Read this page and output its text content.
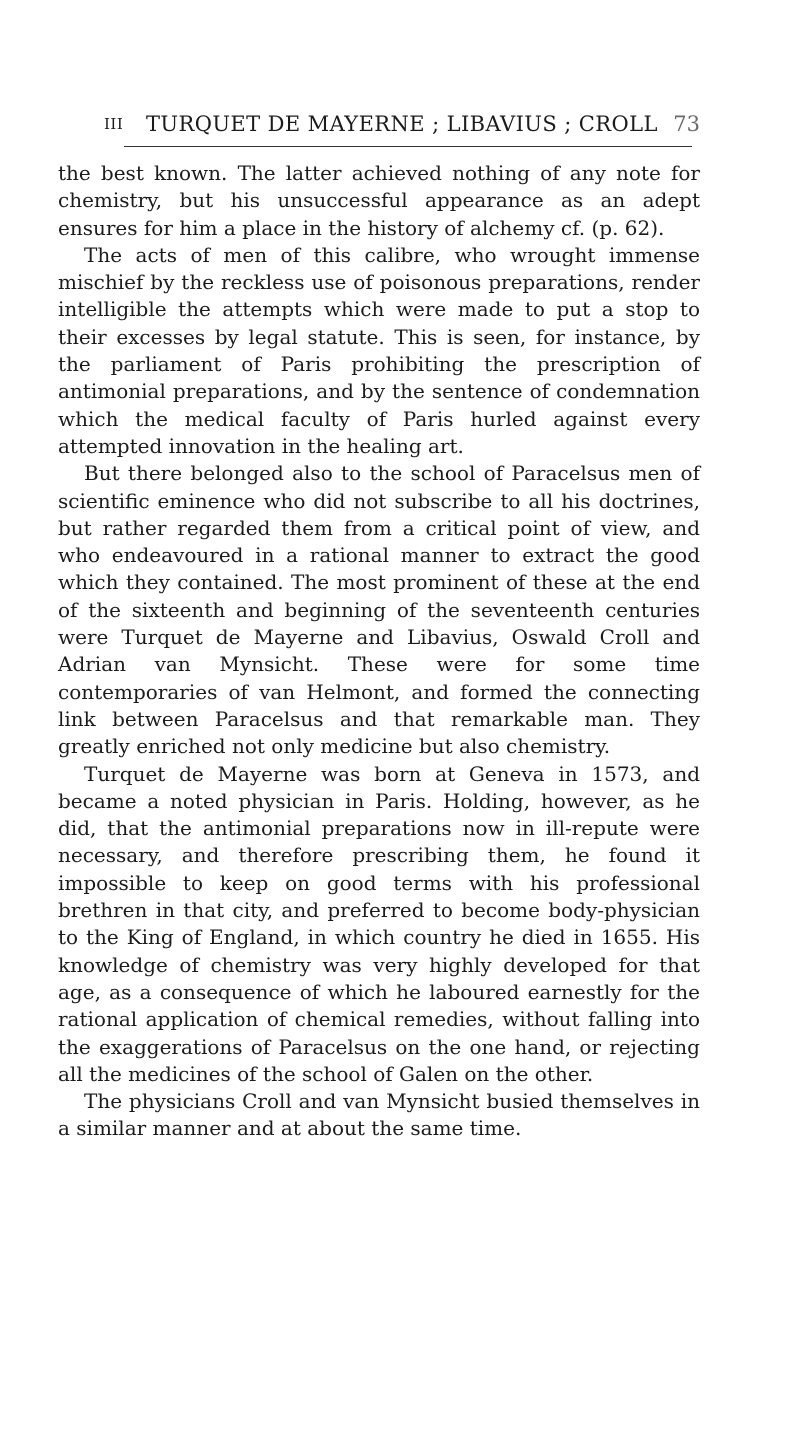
III TURQUET DE MAYERNE ; LIBAVIUS ; CROLL 73

the best known. The latter achieved nothing of any note for chemistry, but his unsuccessful appearance as an adept ensures for him a place in the history of alchemy cf. (p. 62).

The acts of men of this calibre, who wrought immense mischief by the reckless use of poisonous preparations, render intelligible the attempts which were made to put a stop to their excesses by legal statute. This is seen, for instance, by the parliament of Paris prohibiting the prescription of antimonial preparations, and by the sentence of condemnation which the medical faculty of Paris hurled against every attempted innovation in the healing art.

But there belonged also to the school of Paracelsus men of scientific eminence who did not subscribe to all his doctrines, but rather regarded them from a critical point of view, and who endeavoured in a rational manner to extract the good which they contained. The most prominent of these at the end of the sixteenth and beginning of the seventeenth centuries were Turquet de Mayerne and Libavius, Oswald Croll and Adrian van Mynsicht. These were for some time contemporaries of van Helmont, and formed the connecting link between Paracelsus and that remarkable man. They greatly enriched not only medicine but also chemistry.

Turquet de Mayerne was born at Geneva in 1573, and became a noted physician in Paris. Holding, however, as he did, that the antimonial preparations now in ill-repute were necessary, and therefore prescribing them, he found it impossible to keep on good terms with his professional brethren in that city, and preferred to become body-physician to the King of England, in which country he died in 1655. His knowledge of chemistry was very highly developed for that age, as a consequence of which he laboured earnestly for the rational application of chemical remedies, without falling into the exaggerations of Paracelsus on the one hand, or rejecting all the medicines of the school of Galen on the other.

The physicians Croll and van Mynsicht busied themselves in a similar manner and at about the same time.
